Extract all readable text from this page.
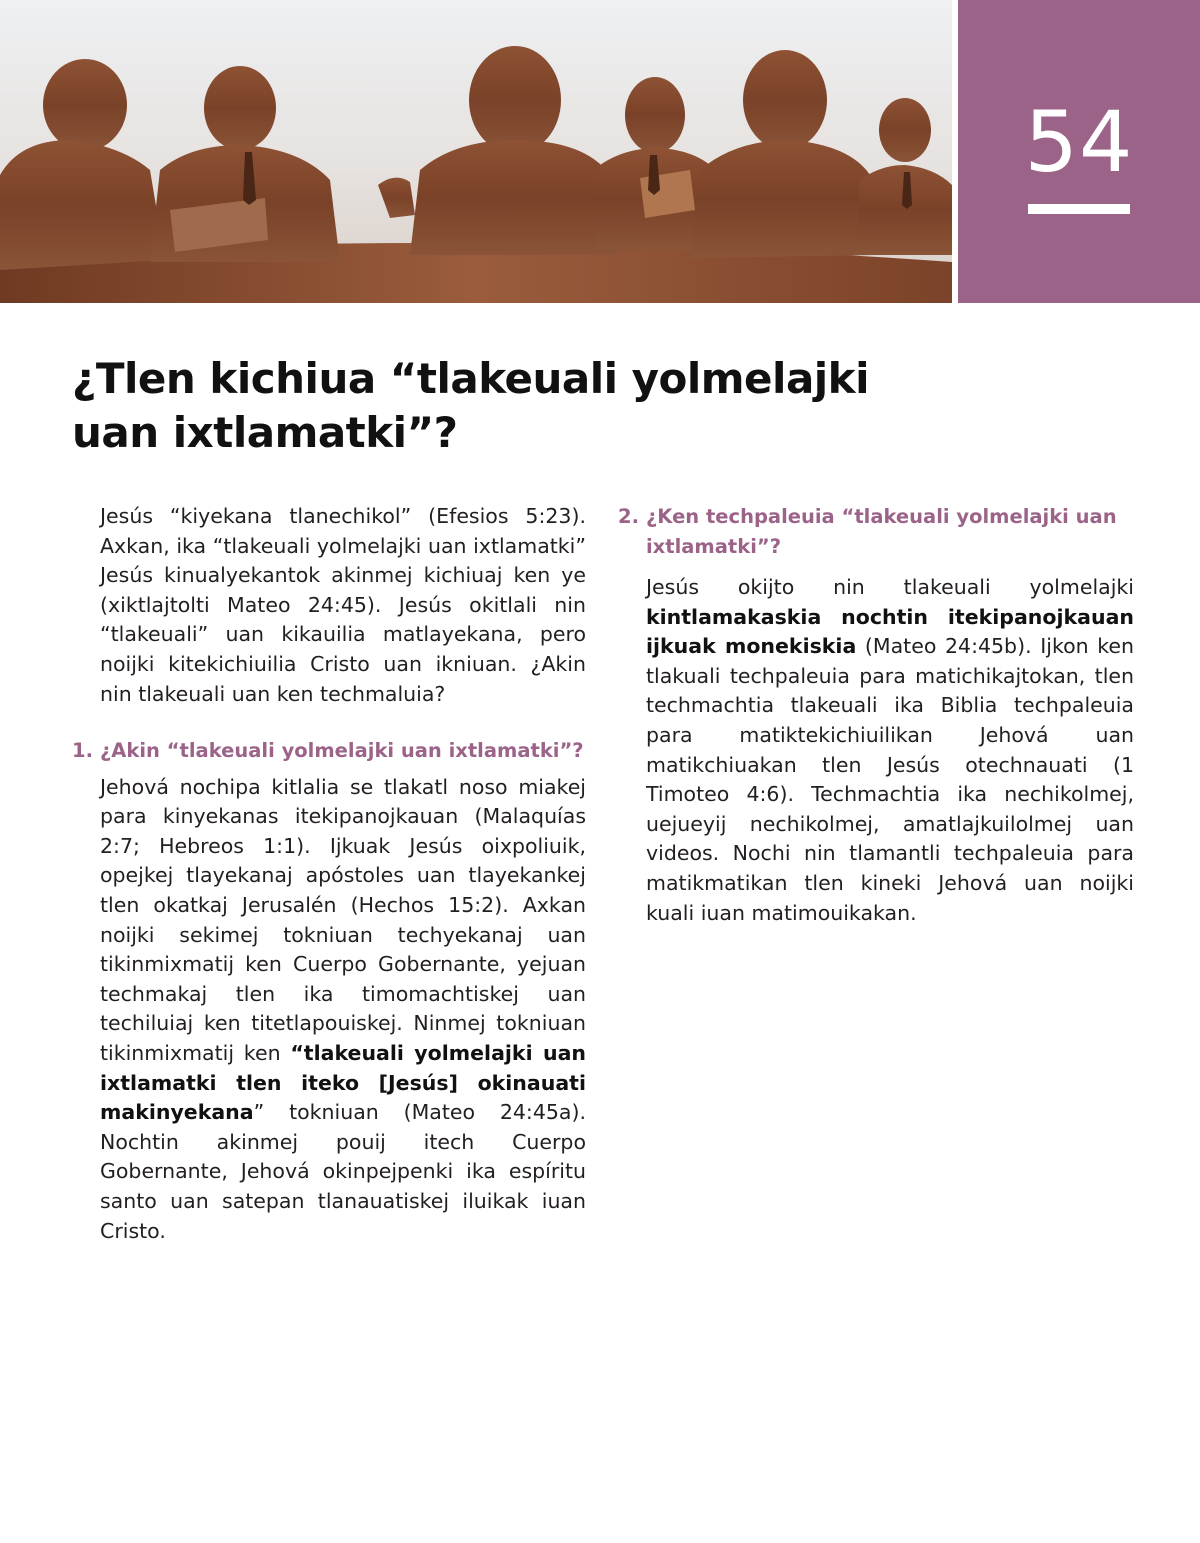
54
¿Tlen kichiua “tlakeuali yolmelajki uan ixtlamatki”?

Jesús “kiyekana tlanechikol” (Efesios 5:23). Axkan, ika “tlakeuali yolmelajki uan ixtlamatki” Jesús kinualyekantok akinmej kichiuaj ken ye (xiktlajtolti Mateo 24:45). Jesús okitlali nin “tlakeuali” uan kikauilia matlayekana, pero noijki kitekichiuilia Cristo uan ikniuan. ¿Akin nin tlakeuali uan ken techmaluia?

1. ¿Akin “tlakeuali yolmelajki uan ixtlamatki”?

Jehová nochipa kitlalia se tlakatl noso miakej para kinyekanas itekipanojkauan (Malaquías 2:7; Hebreos 1:1). Ijkuak Jesús oixpoliuik, opejkej tlayekanaj apóstoles uan tlayekankej tlen okatkaj Jerusalén (Hechos 15:2). Axkan noijki sekimej tokniuan techyekanaj uan tikinmixmatij ken Cuerpo Gobernante, yejuan techmakaj tlen ika timomachtiskej uan techiluiaj ken titetlapouiskej. Ninmej tokniuan tikinmixmatij ken “tlakeuali yolmelajki uan ixtlamatki tlen iteko [Jesús] okinauati makinyekana” tokniuan (Mateo 24:45a). Nochtin akinmej pouij itech Cuerpo Gobernante, Jehová okinpejpenki ika espíritu santo uan satepan tlanauatiskej iluikak iuan Cristo.

2. ¿Ken techpaleuia “tlakeuali yolmelajki uan ixtlamatki”?

Jesús okijto nin tlakeuali yolmelajki kintlamakaskia nochtin itekipanojkauan ijkuak monekiskia (Mateo 24:45b). Ijkon ken tlakuali techpaleuia para matichikajtokan, tlen techmachtia tlakeuali ika Biblia techpaleuia para matiktekichiuilikan Jehová uan matikchiuakan tlen Jesús otechnauati (1 Timoteo 4:6). Techmachtia ika nechikolmej, uejueyij nechikolmej, amatlajkuilolmej uan videos. Nochi nin tlamantli techpaleuia para matikmatikan tlen kineki Jehová uan noijki kuali iuan matimouikakan.
